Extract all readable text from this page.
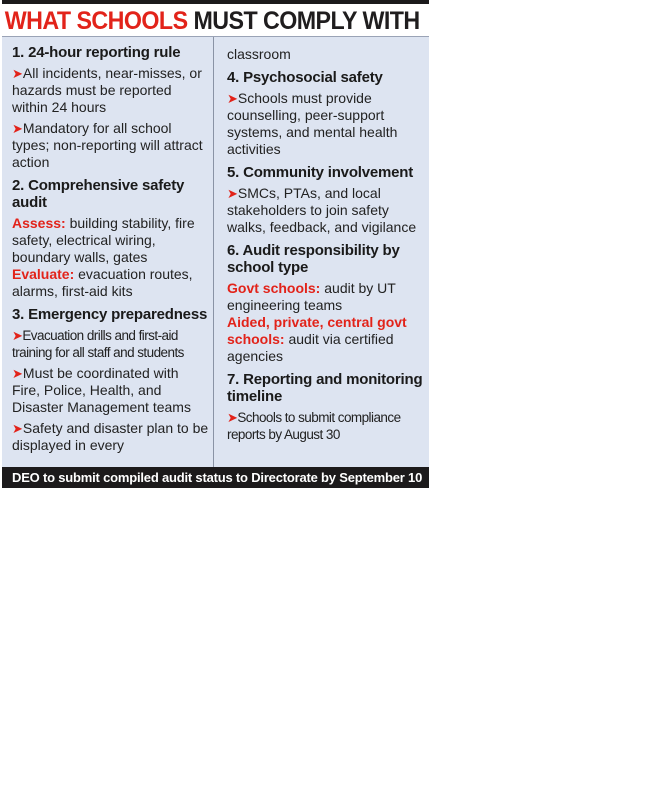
WHAT SCHOOLS MUST COMPLY WITH
1. 24-hour reporting rule
➤All incidents, near-misses, or hazards must be reported within 24 hours
➤Mandatory for all school types; non-reporting will attract action
2. Comprehensive safety audit
Assess: building stability, fire safety, electrical wiring, boundary walls, gates
Evaluate: evacuation routes, alarms, first-aid kits
3. Emergency preparedness
➤Evacuation drills and first-aid training for all staff and students
➤Must be coordinated with Fire, Police, Health, and Disaster Management teams
➤Safety and disaster plan to be displayed in every
classroom
4. Psychosocial safety
➤Schools must provide counselling, peer-support systems, and mental health activities
5. Community involvement
➤SMCs, PTAs, and local stakeholders to join safety walks, feedback, and vigilance
6. Audit responsibility by school type
Govt schools: audit by UT engineering teams
Aided, private, central govt schools: audit via certified agencies
7. Reporting and monitoring timeline
➤Schools to submit compliance reports by August 30
DEO to submit compiled audit status to Directorate by September 10
